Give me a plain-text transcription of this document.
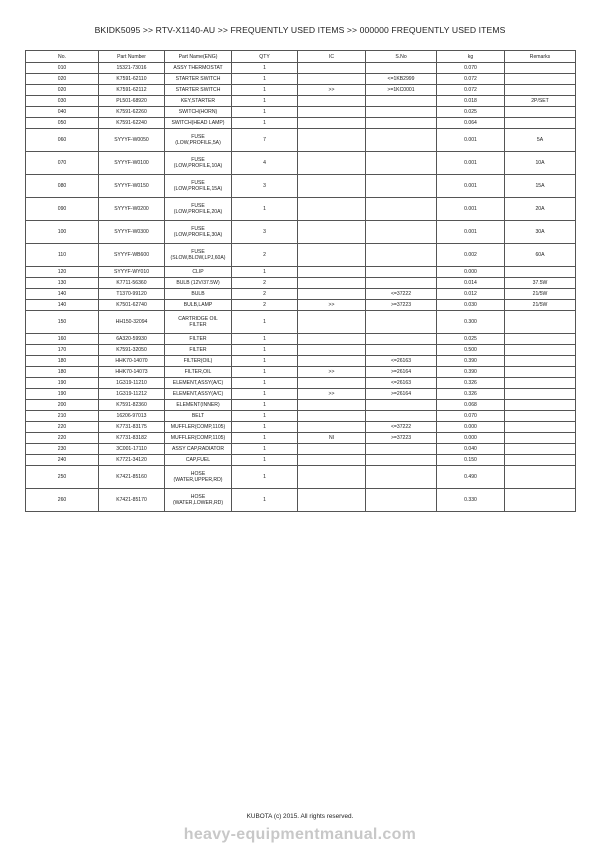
BKIDK5095 >> RTV-X1140-AU >> FREQUENTLY USED ITEMS >> 000000 FREQUENTLY USED ITEMS
No.	Part Number	Part Name(ENG)	QTY	IC	S.No	kg	Remarks
010	15321-73016	ASSY THERMOSTAT	1			0.070	
020	K7591-62110	STARTER SWITCH	1		<=1KB2999	0.072	
020	K7591-62112	STARTER SWITCH	1	>>	>=1KC0001	0.072	
030	PL501-68920	KEY,STARTER	1			0.018	2P/SET
040	K7591-62260	SWITCH(HORN)	1			0.025	
050	K7591-62240	SWITCH(HEAD LAMP)	1			0.064	
060	SYYYF-W0050	FUSE
(LOW,PROFILE,5A)	7			0.001	5A
070	SYYYF-W0100	FUSE
(LOW,PROFILE,10A)	4			0.001	10A
080	SYYYF-W0150	FUSE
(LOW,PROFILE,15A)	3			0.001	15A
090	SYYYF-W0200	FUSE
(LOW,PROFILE,20A)	1			0.001	20A
100	SYYYF-W0300	FUSE
(LOW,PROFILE,30A)	3			0.001	30A
110	SYYYF-WB600	FUSE
(SLOW,BLOW,LPJ,60A)	2			0.002	60A
120	SYYYF-WY010	CLIP	1			0.000	
130	K7711-56360	BULB (12V/37.5W)	2			0.014	37.5W
140	T1370-99120	BULB	2		<=37222	0.012	21/5W
140	K7501-62740	BULB,LAMP	2	>>	>=37223	0.030	21/5W
150	HH150-32094	CARTRIDGE OIL
FILTER	1			0.300	
160	6A320-59930	FILTER	1			0.025	
170	K7591-32050	FILTER	1			0.500	
180	HHK70-14070	FILTER(OIL)	1		<=26163	0.390	
180	HHK70-14073	FILTER,OIL	1	>>	>=26164	0.390	
190	1G319-11210	ELEMENT,ASSY(A/C)	1		<=26163	0.326	
190	1G319-11212	ELEMENT,ASSY(A/C)	1	>>	>=26164	0.326	
200	K7591-82360	ELEMENT(INNER)	1			0.068	
210	16206-97013	BELT	1			0.070	
220	K7731-83175	MUFFLER(COMP,1105)	1		<=37222	0.000	
220	K7731-83182	MUFFLER(COMP,1105)	1	NI	>=37223	0.000	
230	3C001-17110	ASSY CAP,RADIATOR	1			0.040	
240	K7721-34120	CAP,FUEL	1			0.150	
250	K7421-85160	HOSE
(WATER,UPPER,RD)	1			0.490	
260	K7421-85170	HOSE
(WATER,LOWER,RD)	1			0.330	
KUBOTA (c) 2015. All rights reserved.
heavy-equipmentmanual.com
